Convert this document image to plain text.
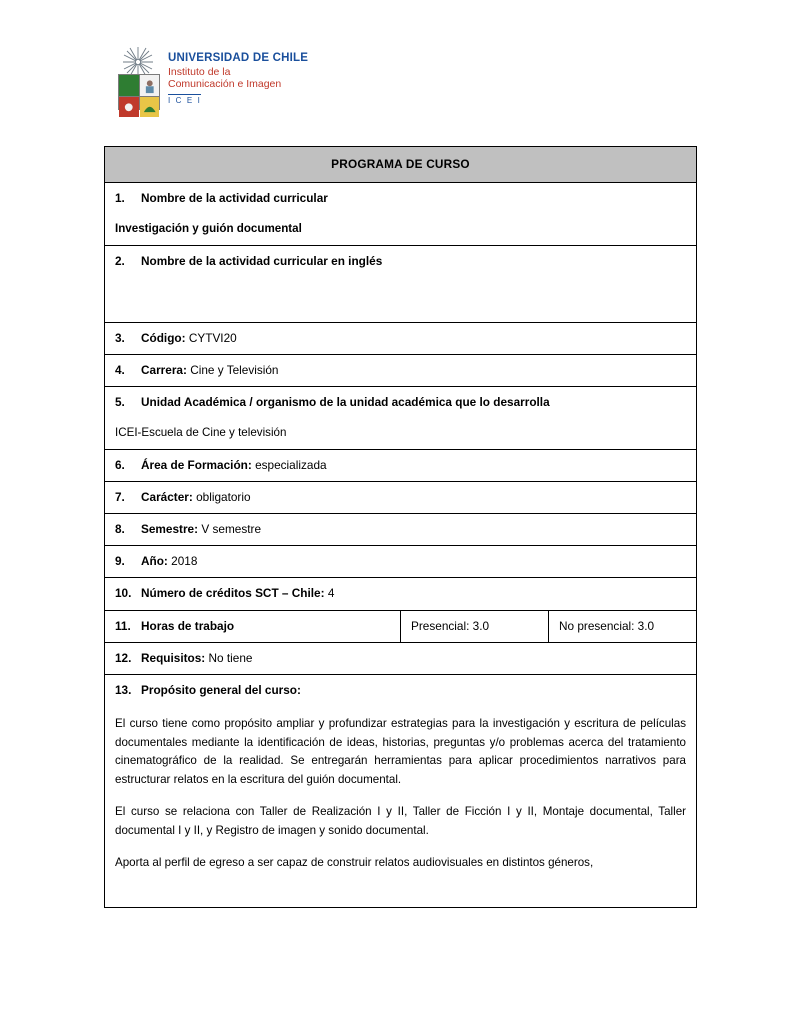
UNIVERSIDAD DE CHILE
Instituto de la
Comunicación e Imagen
I C E I
PROGRAMA DE CURSO

1. Nombre de la actividad curricular
Investigación y guión documental

2. Nombre de la actividad curricular en inglés

3. Código: CYTVI20

4. Carrera: Cine y Televisión

5. Unidad Académica / organismo de la unidad académica que lo desarrolla
ICEI-Escuela de Cine y televisión

6. Área de Formación: especializada

7. Carácter: obligatorio

8. Semestre: V semestre

9. Año: 2018

10. Número de créditos SCT – Chile: 4

11. Horas de trabajo	Presencial: 3.0	No presencial: 3.0

12. Requisitos: No tiene

13. Propósito general del curso:

El curso tiene como propósito ampliar y profundizar estrategias para la investigación y escritura de películas documentales mediante la identificación de ideas, historias, preguntas y/o problemas acerca del tratamiento cinematográfico de la realidad. Se entregarán herramientas para aplicar procedimientos narrativos para estructurar relatos en la escritura del guión documental.

El curso se relaciona con Taller de Realización I y II, Taller de Ficción I y II, Montaje documental, Taller documental I y II, y Registro de imagen y sonido documental.

Aporta al perfil de egreso a ser capaz de construir relatos audiovisuales en distintos géneros,
